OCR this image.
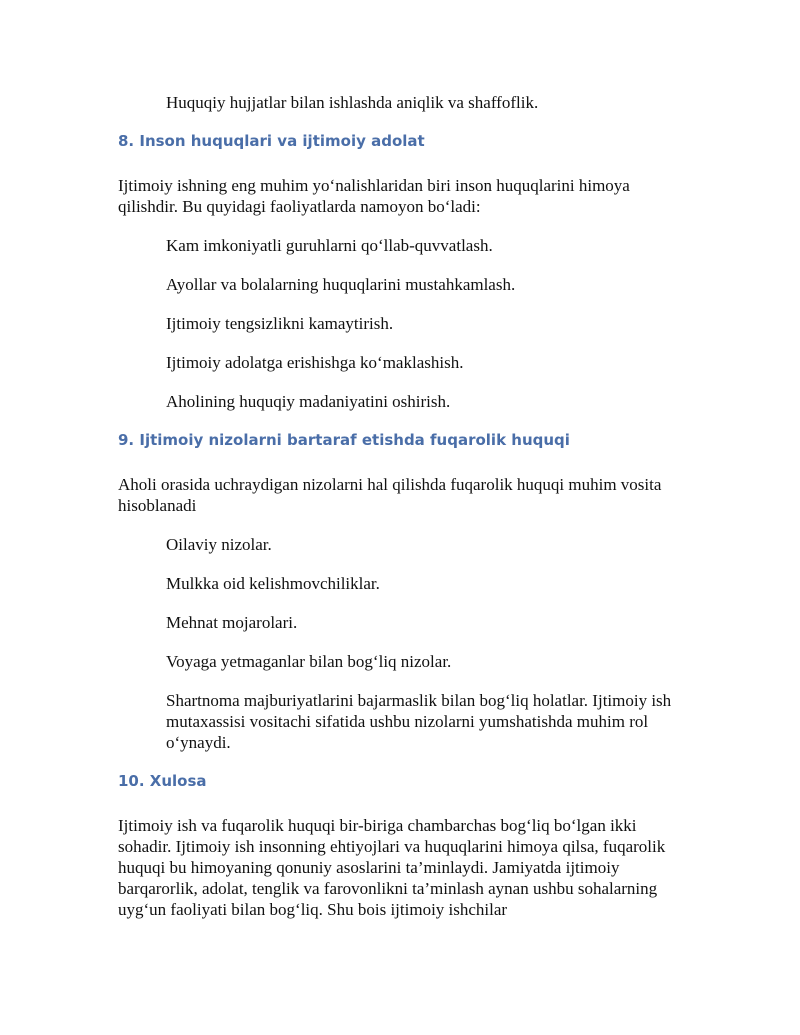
Huquqiy hujjatlar bilan ishlashda aniqlik va shaffoflik.

8. Inson huquqlari va ijtimoiy adolat

Ijtimoiy ishning eng muhim yo‘nalishlaridan biri inson huquqlarini himoya qilishdir. Bu quyidagi faoliyatlarda namoyon bo‘ladi:

Kam imkoniyatli guruhlarni qo‘llab-quvvatlash.

Ayollar va bolalarning huquqlarini mustahkamlash.

Ijtimoiy tengsizlikni kamaytirish.

Ijtimoiy adolatga erishishga ko‘maklashish.

Aholining huquqiy madaniyatini oshirish.

9. Ijtimoiy nizolarni bartaraf etishda fuqarolik huquqi

Aholi orasida uchraydigan nizolarni hal qilishda fuqarolik huquqi muhim vosita hisoblanadi

Oilaviy nizolar.

Mulkka oid kelishmovchiliklar.

Mehnat mojarolari.

Voyaga yetmaganlar bilan bog‘liq nizolar.

Shartnoma majburiyatlarini bajarmaslik bilan bog‘liq holatlar. Ijtimoiy ish mutaxassisi vositachi sifatida ushbu nizolarni yumshatishda muhim rol o‘ynaydi.

10. Xulosa

Ijtimoiy ish va fuqarolik huquqi bir-biriga chambarchas bog‘liq bo‘lgan ikki sohadir. Ijtimoiy ish insonning ehtiyojlari va huquqlarini himoya qilsa, fuqarolik huquqi bu himoyaning qonuniy asoslarini ta’minlaydi. Jamiyatda ijtimoiy barqarorlik, adolat, tenglik va farovonlikni ta’minlash aynan ushbu sohalarning uyg‘un faoliyati bilan bog‘liq. Shu bois ijtimoiy ishchilar
